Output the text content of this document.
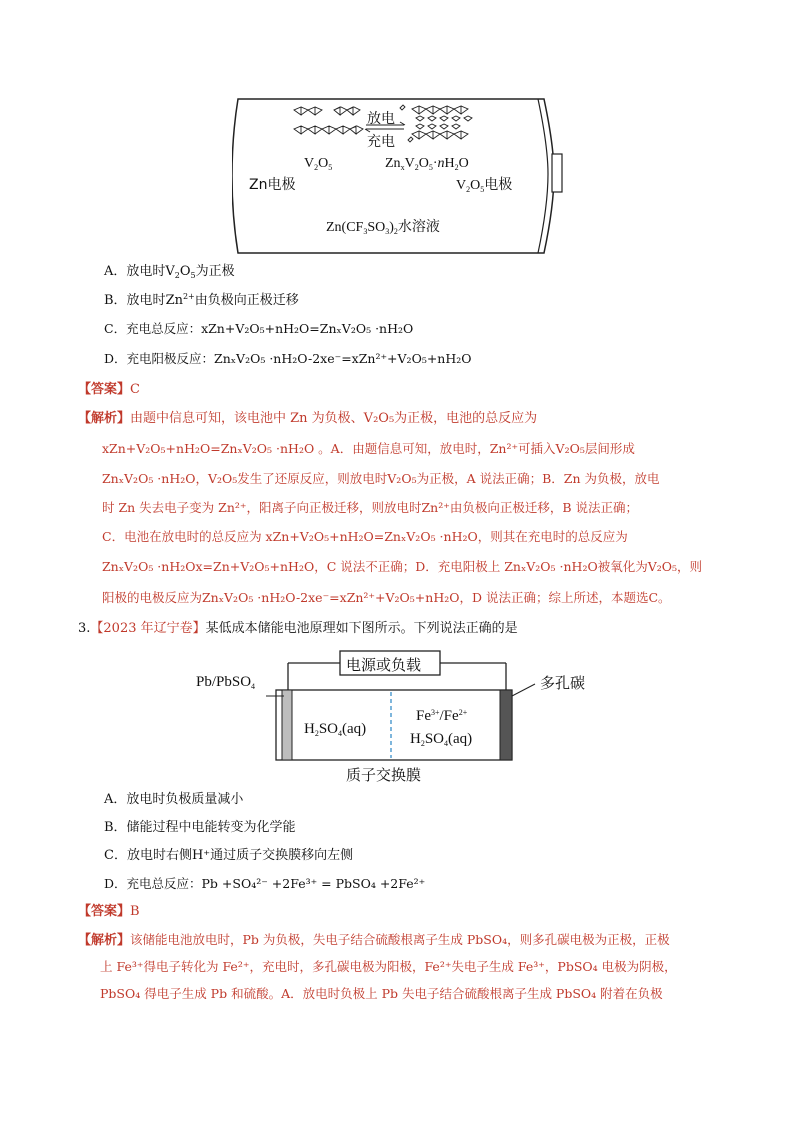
放电
充电
$V_2O_5$	$Zn_xV_2O_5\cdot nH_2O$
Zn电极	$V_2O_5$电极
$Zn(CF_3SO_3)_2$水溶液
A．放电时$V_2O_5$为正极
B．放电时$Zn^{2+}$由负极向正极迁移
C．充电总反应：xZn+V₂O₅+nH₂O=ZnₓV₂O₅ ·nH₂O
D．充电阳极反应：ZnₓV₂O₅ ·nH₂O-2xe⁻=xZn²⁺+V₂O₅+nH₂O
【答案】C
【解析】由题中信息可知，该电池中 Zn 为负极、V₂O₅为正极，电池的总反应为
xZn+V₂O₅+nH₂O=ZnₓV₂O₅ ·nH₂O 。A．由题信息可知，放电时，Zn²⁺可插入V₂O₅层间形成
ZnₓV₂O₅ ·nH₂O，V₂O₅发生了还原反应，则放电时V₂O₅为正极，A 说法正确；B．Zn 为负极，放电
时 Zn 失去电子变为 Zn²⁺，阳离子向正极迁移，则放电时Zn²⁺由负极向正极迁移，B 说法正确；
C．电池在放电时的总反应为 xZn+V₂O₅+nH₂O=ZnₓV₂O₅ ·nH₂O，则其在充电时的总反应为
ZnₓV₂O₅ ·nH₂Ox=Zn+V₂O₅+nH₂O，C 说法不正确；D．充电阳极上 ZnₓV₂O₅ ·nH₂O被氧化为V₂O₅，则
阳极的电极反应为ZnₓV₂O₅ ·nH₂O-2xe⁻=xZn²⁺+V₂O₅+nH₂O，D 说法正确；综上所述，本题选C。
3.【2023 年辽宁卷】某低成本储能电池原理如下图所示。下列说法正确的是
电源或负载
Pb/PbSO$_4$	多孔碳
$H_2SO_4(aq)$
$Fe^{3+}/Fe^{2+}$
$H_2SO_4(aq)$
质子交换膜
A．放电时负极质量减小
B．储能过程中电能转变为化学能
C．放电时右侧H⁺通过质子交换膜移向左侧
D．充电总反应：Pb +SO₄²⁻ +2Fe³⁺ = PbSO₄ +2Fe²⁺
【答案】B
【解析】该储能电池放电时，Pb 为负极，失电子结合硫酸根离子生成 PbSO₄，则多孔碳电极为正极，正极
上 Fe³⁺得电子转化为 Fe²⁺，充电时，多孔碳电极为阳极，Fe²⁺失电子生成 Fe³⁺，PbSO₄ 电极为阴极，
PbSO₄ 得电子生成 Pb 和硫酸。A．放电时负极上 Pb 失电子结合硫酸根离子生成 PbSO₄ 附着在负极
